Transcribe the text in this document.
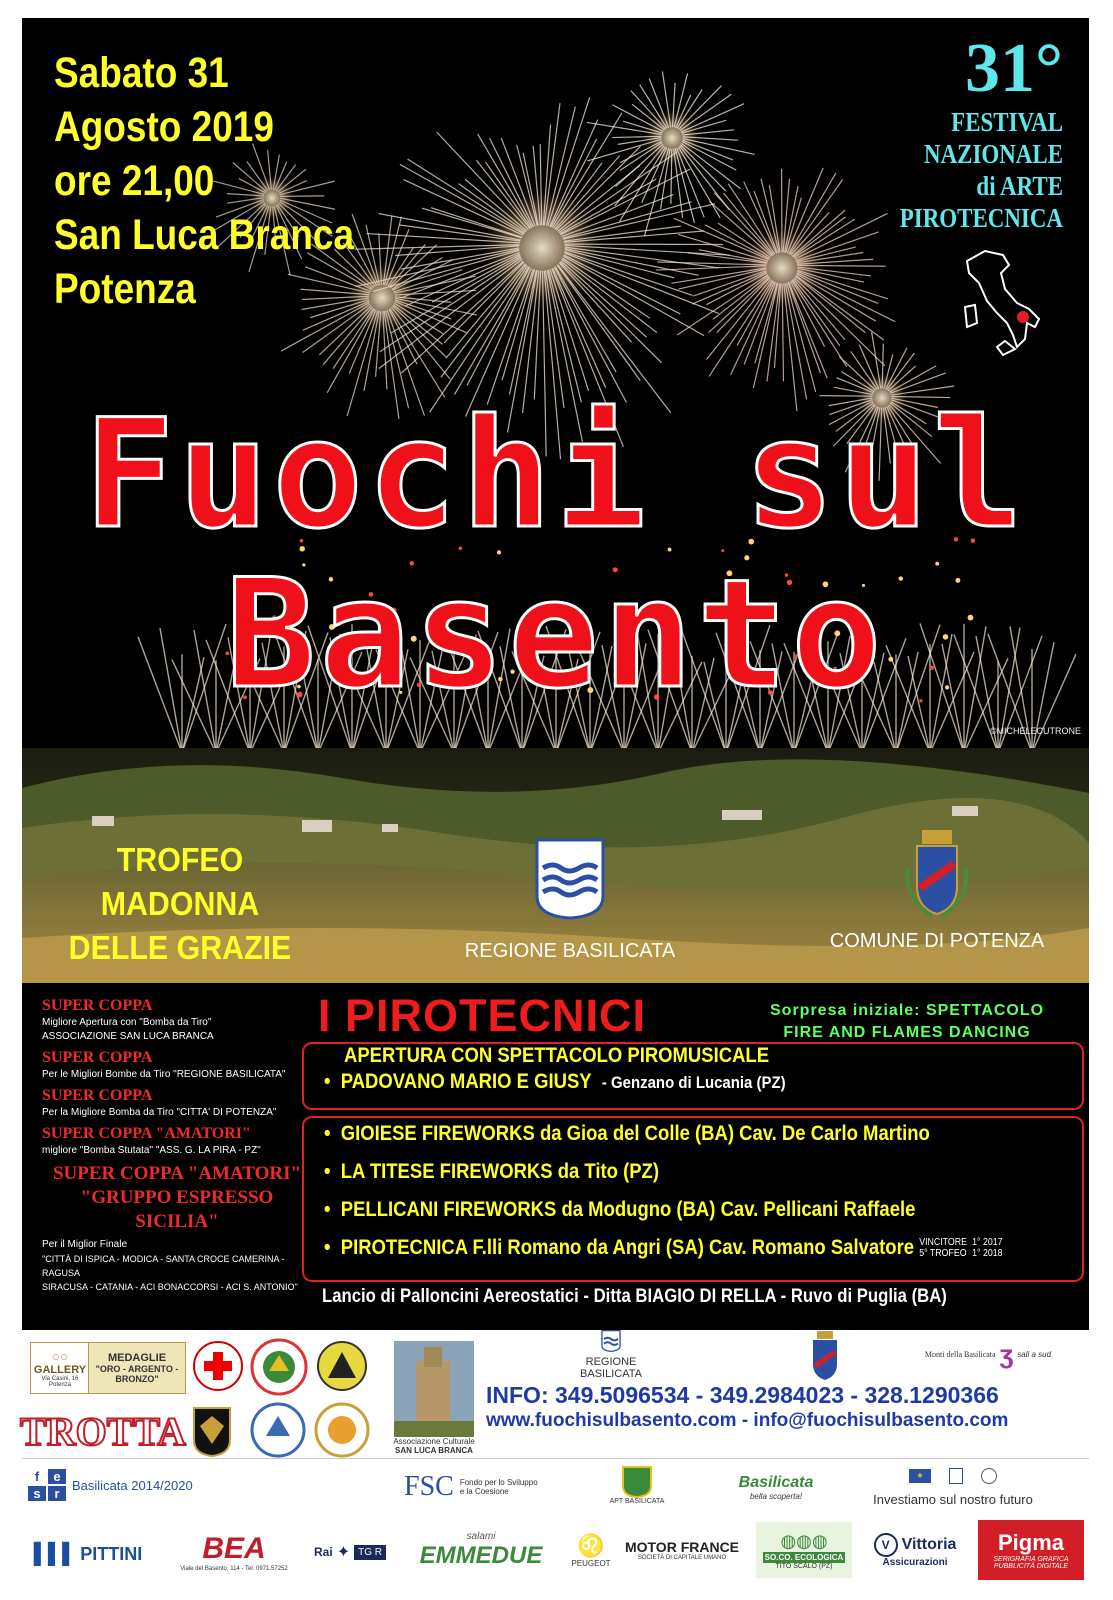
Sabato 31
Agosto 2019
ore 21,00
San Luca Branca
Potenza
31°
FESTIVAL NAZIONALE
di ARTE PIROTECNICA
Fuochi sul
Basento
©MICHELECUTRONE
TROFEO
MADONNA
DELLE GRAZIE	REGIONE BASILICATA	COMUNE DI POTENZA
SUPER COPPA
Migliore Apertura con "Bomba da Tiro"
ASSOCIAZIONE SAN LUCA BRANCA
SUPER COPPA
Per le Migliori Bombe da Tiro "REGIONE BASILICATA"
SUPER COPPA
Per la Migliore Bomba da Tiro "CITTA' DI POTENZA"
SUPER COPPA "AMATORI"
migliore "Bomba Stutata" "ASS. G. LA PIRA - PZ"
SUPER COPPA "AMATORI"
"GRUPPO ESPRESSO SICILIA"
Per il Miglior Finale
"CITTÀ DI ISPICA - MODICA - SANTA CROCE CAMERINA - RAGUSA
SIRACUSA - CATANIA - ACI BONACCORSI - ACI S. ANTONIO"
I PIROTECNICI	Sorpresa iniziale: SPETTACOLO
FIRE AND FLAMES DANCING
APERTURA CON SPETTACOLO PIROMUSICALE
• PADOVANO MARIO E GIUSY - Genzano di Lucania (PZ)
• GIOIESE FIREWORKS da Gioa del Colle (BA) Cav. De Carlo Martino
• LA TITESE FIREWORKS da Tito (PZ)
• PELLICANI FIREWORKS da Modugno (BA) Cav. Pellicani Raffaele
• PIROTECNICA F.lli Romano da Angri (SA) Cav. Romano Salvatore VINCITORE
5° TROFEO 1° 2017
1° 2018
Lancio di Palloncini Aereostatici - Ditta BIAGIO DI RELLA - Ruvo di Puglia (BA)
○○
GALLERY
Via Casini, 16 Potenza
MEDAGLIE
"ORO - ARGENTO - BRONZO"
TROTTA	Associazione Culturale
SAN LUCA BRANCA
REGIONE BASILICATA
Monti della Basilicata ʒ sali a sud
INFO: 349.5096534 - 349.2984023 - 328.1290366
www.fuochisulbasento.com - info@fuochisulbasento.com
f	e
s	r
Basilicata 2014/2020	FSC Fondo per lo Sviluppo
e la Coesione
APT BASILICATA
Basilicata
bella scoperta!
★
Investiamo sul nostro futuro
▌▌▌ PITTINI BEA
Viale del Basento, 114 - Tel. 0971.57252
Rai ✦ TG R
salami
EMMEDUE ♌
PEUGEOT
MOTOR FRANCE
SOCIETÀ DI CAPITALE UMANO
◍◍◍
SO.CO. ECOLOGICA
TITO SCALO (PZ)
V Vittoria
Assicurazioni
Pigma
SERIGRAFIA GRAFICA PUBBLICITÀ DIGITALE
